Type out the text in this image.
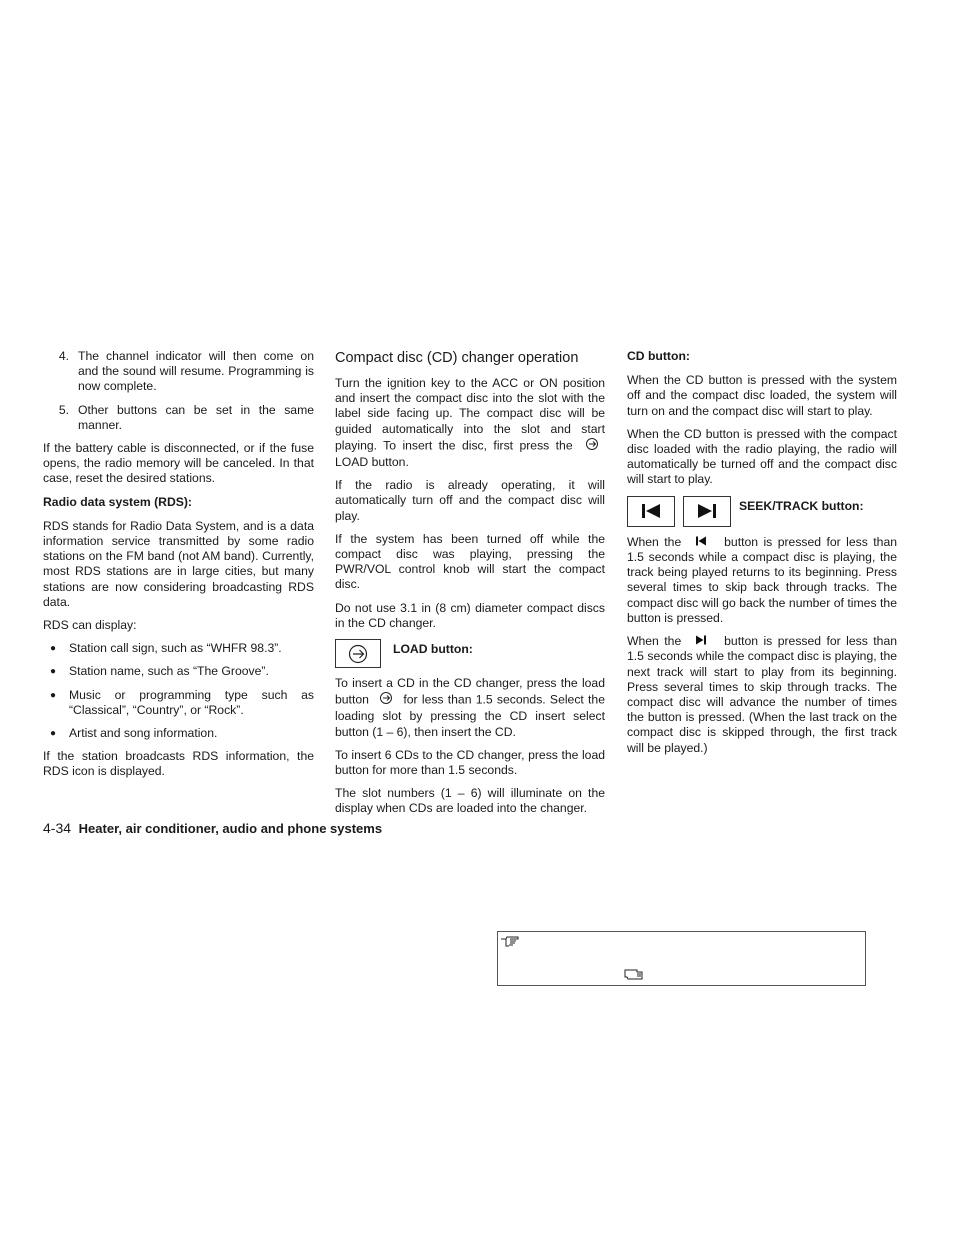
4. The channel indicator will then come on and the sound will resume. Programming is now complete.
5. Other buttons can be set in the same manner.

If the battery cable is disconnected, or if the fuse opens, the radio memory will be canceled. In that case, reset the desired stations.

Radio data system (RDS):

RDS stands for Radio Data System, and is a data information service transmitted by some radio stations on the FM band (not AM band). Currently, most RDS stations are in large cities, but many stations are now considering broadcasting RDS data.

RDS can display:

●	Station call sign, such as “WHFR 98.3”.
●	Station name, such as “The Groove”.
●	Music or programming type such as “Classical”, “Country”, or “Rock”.
●	Artist and song information.

If the station broadcasts RDS information, the RDS icon is displayed.

Compact disc (CD) changer operation

Turn the ignition key to the ACC or ON position and insert the compact disc into the slot with the label side facing up. The compact disc will be guided automatically into the slot and start playing. To insert the disc, first press the  LOAD button.

If the radio is already operating, it will automatically turn off and the compact disc will play.

If the system has been turned off while the compact disc was playing, pressing the PWR/VOL control knob will start the compact disc.

Do not use 3.1 in (8 cm) diameter compact discs in the CD changer.

LOAD button:

To insert a CD in the CD changer, press the load button	for less than 1.5 seconds. Select the loading slot by pressing the CD insert select button (1 – 6), then insert the CD.

To insert 6 CDs to the CD changer, press the load button for more than 1.5 seconds.

The slot numbers (1 – 6) will illuminate on the display when CDs are loaded into the changer.

CD button:

When the CD button is pressed with the system off and the compact disc loaded, the system will turn on and the compact disc will start to play.

When the CD button is pressed with the compact disc loaded with the radio playing, the radio will automatically be turned off and the compact disc will start to play.

SEEK/TRACK button:

When the	button is pressed for less than 1.5 seconds while a compact disc is playing, the track being played returns to its beginning. Press several times to skip back through tracks. The compact disc will go back the number of times the button is pressed.

When the	button is pressed for less than 1.5 seconds while the compact disc is playing, the next track will start to play from its beginning. Press several times to skip through tracks. The compact disc will advance the number of times the button is pressed. (When the last track on the compact disc is skipped through, the first track will be played.)

4-34 Heater, air conditioner, audio and phone systems
